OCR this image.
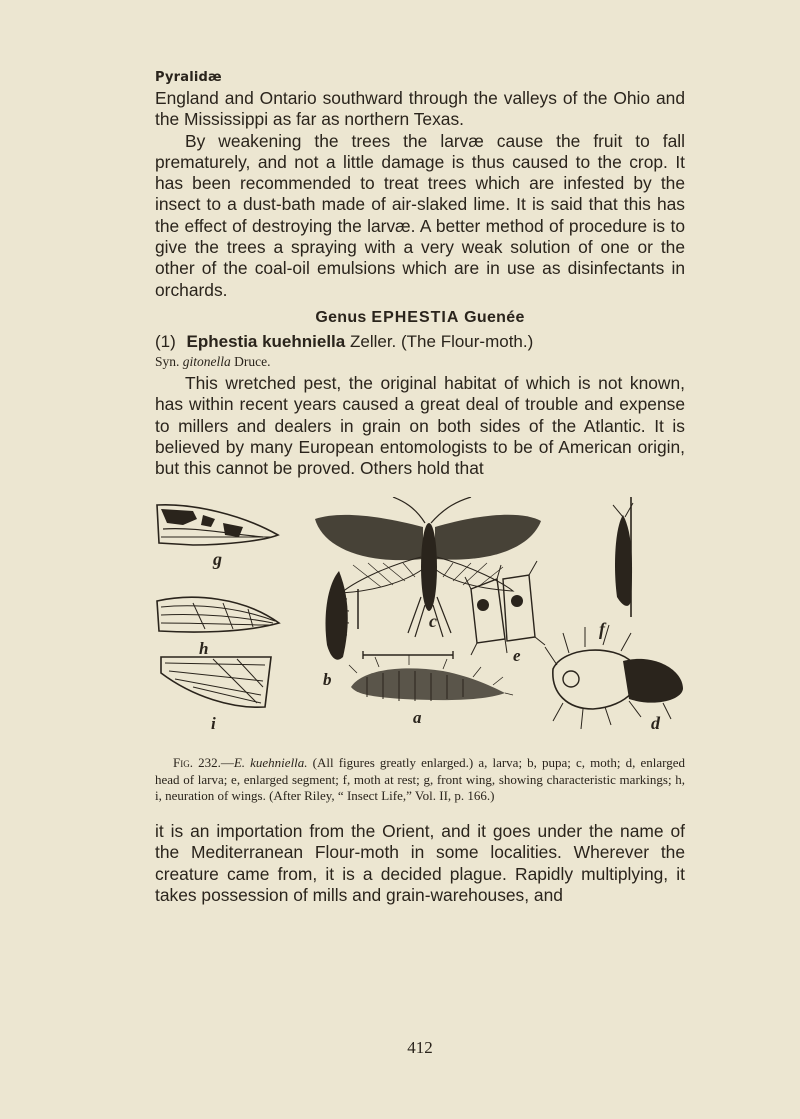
Pyralidæ

England and Ontario southward through the valleys of the Ohio and the Mississippi as far as northern Texas.

By weakening the trees the larvæ cause the fruit to fall prematurely, and not a little damage is thus caused to the crop. It has been recommended to treat trees which are infested by the insect to a dust-bath made of air-slaked lime. It is said that this has the effect of destroying the larvæ. A better method of procedure is to give the trees a spraying with a very weak solution of one or the other of the coal-oil emulsions which are in use as disinfectants in orchards.

Genus EPHESTIA Guenée
(1) Ephestia kuehniella Zeller. (The Flour-moth.)
Syn. gitonella Druce.

This wretched pest, the original habitat of which is not known, has within recent years caused a great deal of trouble and expense to millers and dealers in grain on both sides of the Atlantic. It is believed by many European entomologists to be of American origin, but this cannot be proved. Others hold that

g
h
i
c
b
e
a
f
d

Fig. 232.—E. kuehniella. (All figures greatly enlarged.) a, larva; b, pupa; c, moth; d, enlarged head of larva; e, enlarged segment; f, moth at rest; g, front wing, showing characteristic markings; h, i, neuration of wings. (After Riley, “ Insect Life,” Vol. II, p. 166.)

it is an importation from the Orient, and it goes under the name of the Mediterranean Flour-moth in some localities. Wherever the creature came from, it is a decided plague. Rapidly multiplying, it takes possession of mills and grain-warehouses, and

412
